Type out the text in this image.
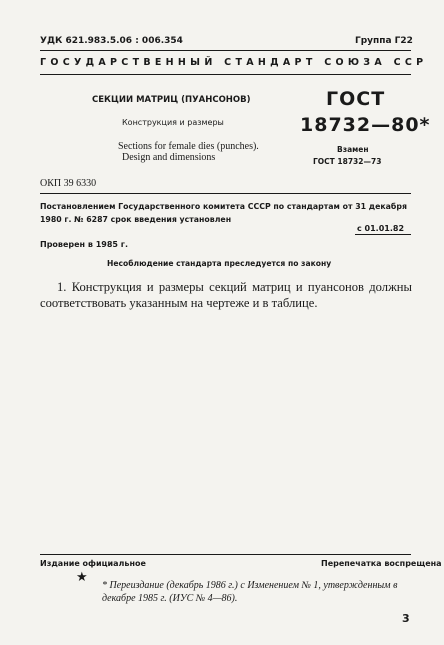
УДК 621.983.5.06 : 006.354	Группа Г22
ГОСУДАРСТВЕННЫЙ СТАНДАРТ СОЮЗА ССР
СЕКЦИИ МАТРИЦ (ПУАНСОНОВ)
Конструкция и размеры
Sections for female dies (punches).
Design and dimensions
ГОСТ
18732—80*
Взамен
ГОСТ 18732—73
ОКП 39 6330
Постановлением Государственного комитета СССР по стандартам от 31 декабря 1980 г. № 6287 срок введения установлен
с 01.01.82
Проверен в 1985 г.
Несоблюдение стандарта преследуется по закону
1. Конструкция и размеры секций матриц и пуансонов должны соответствовать указанным на чертеже и в таблице.
Издание официальное	Перепечатка воспрещена
★
* Переиздание (декабрь 1986 г.) с Изменением № 1, утвержденным в декабре 1985 г. (ИУС № 4—86).
3
